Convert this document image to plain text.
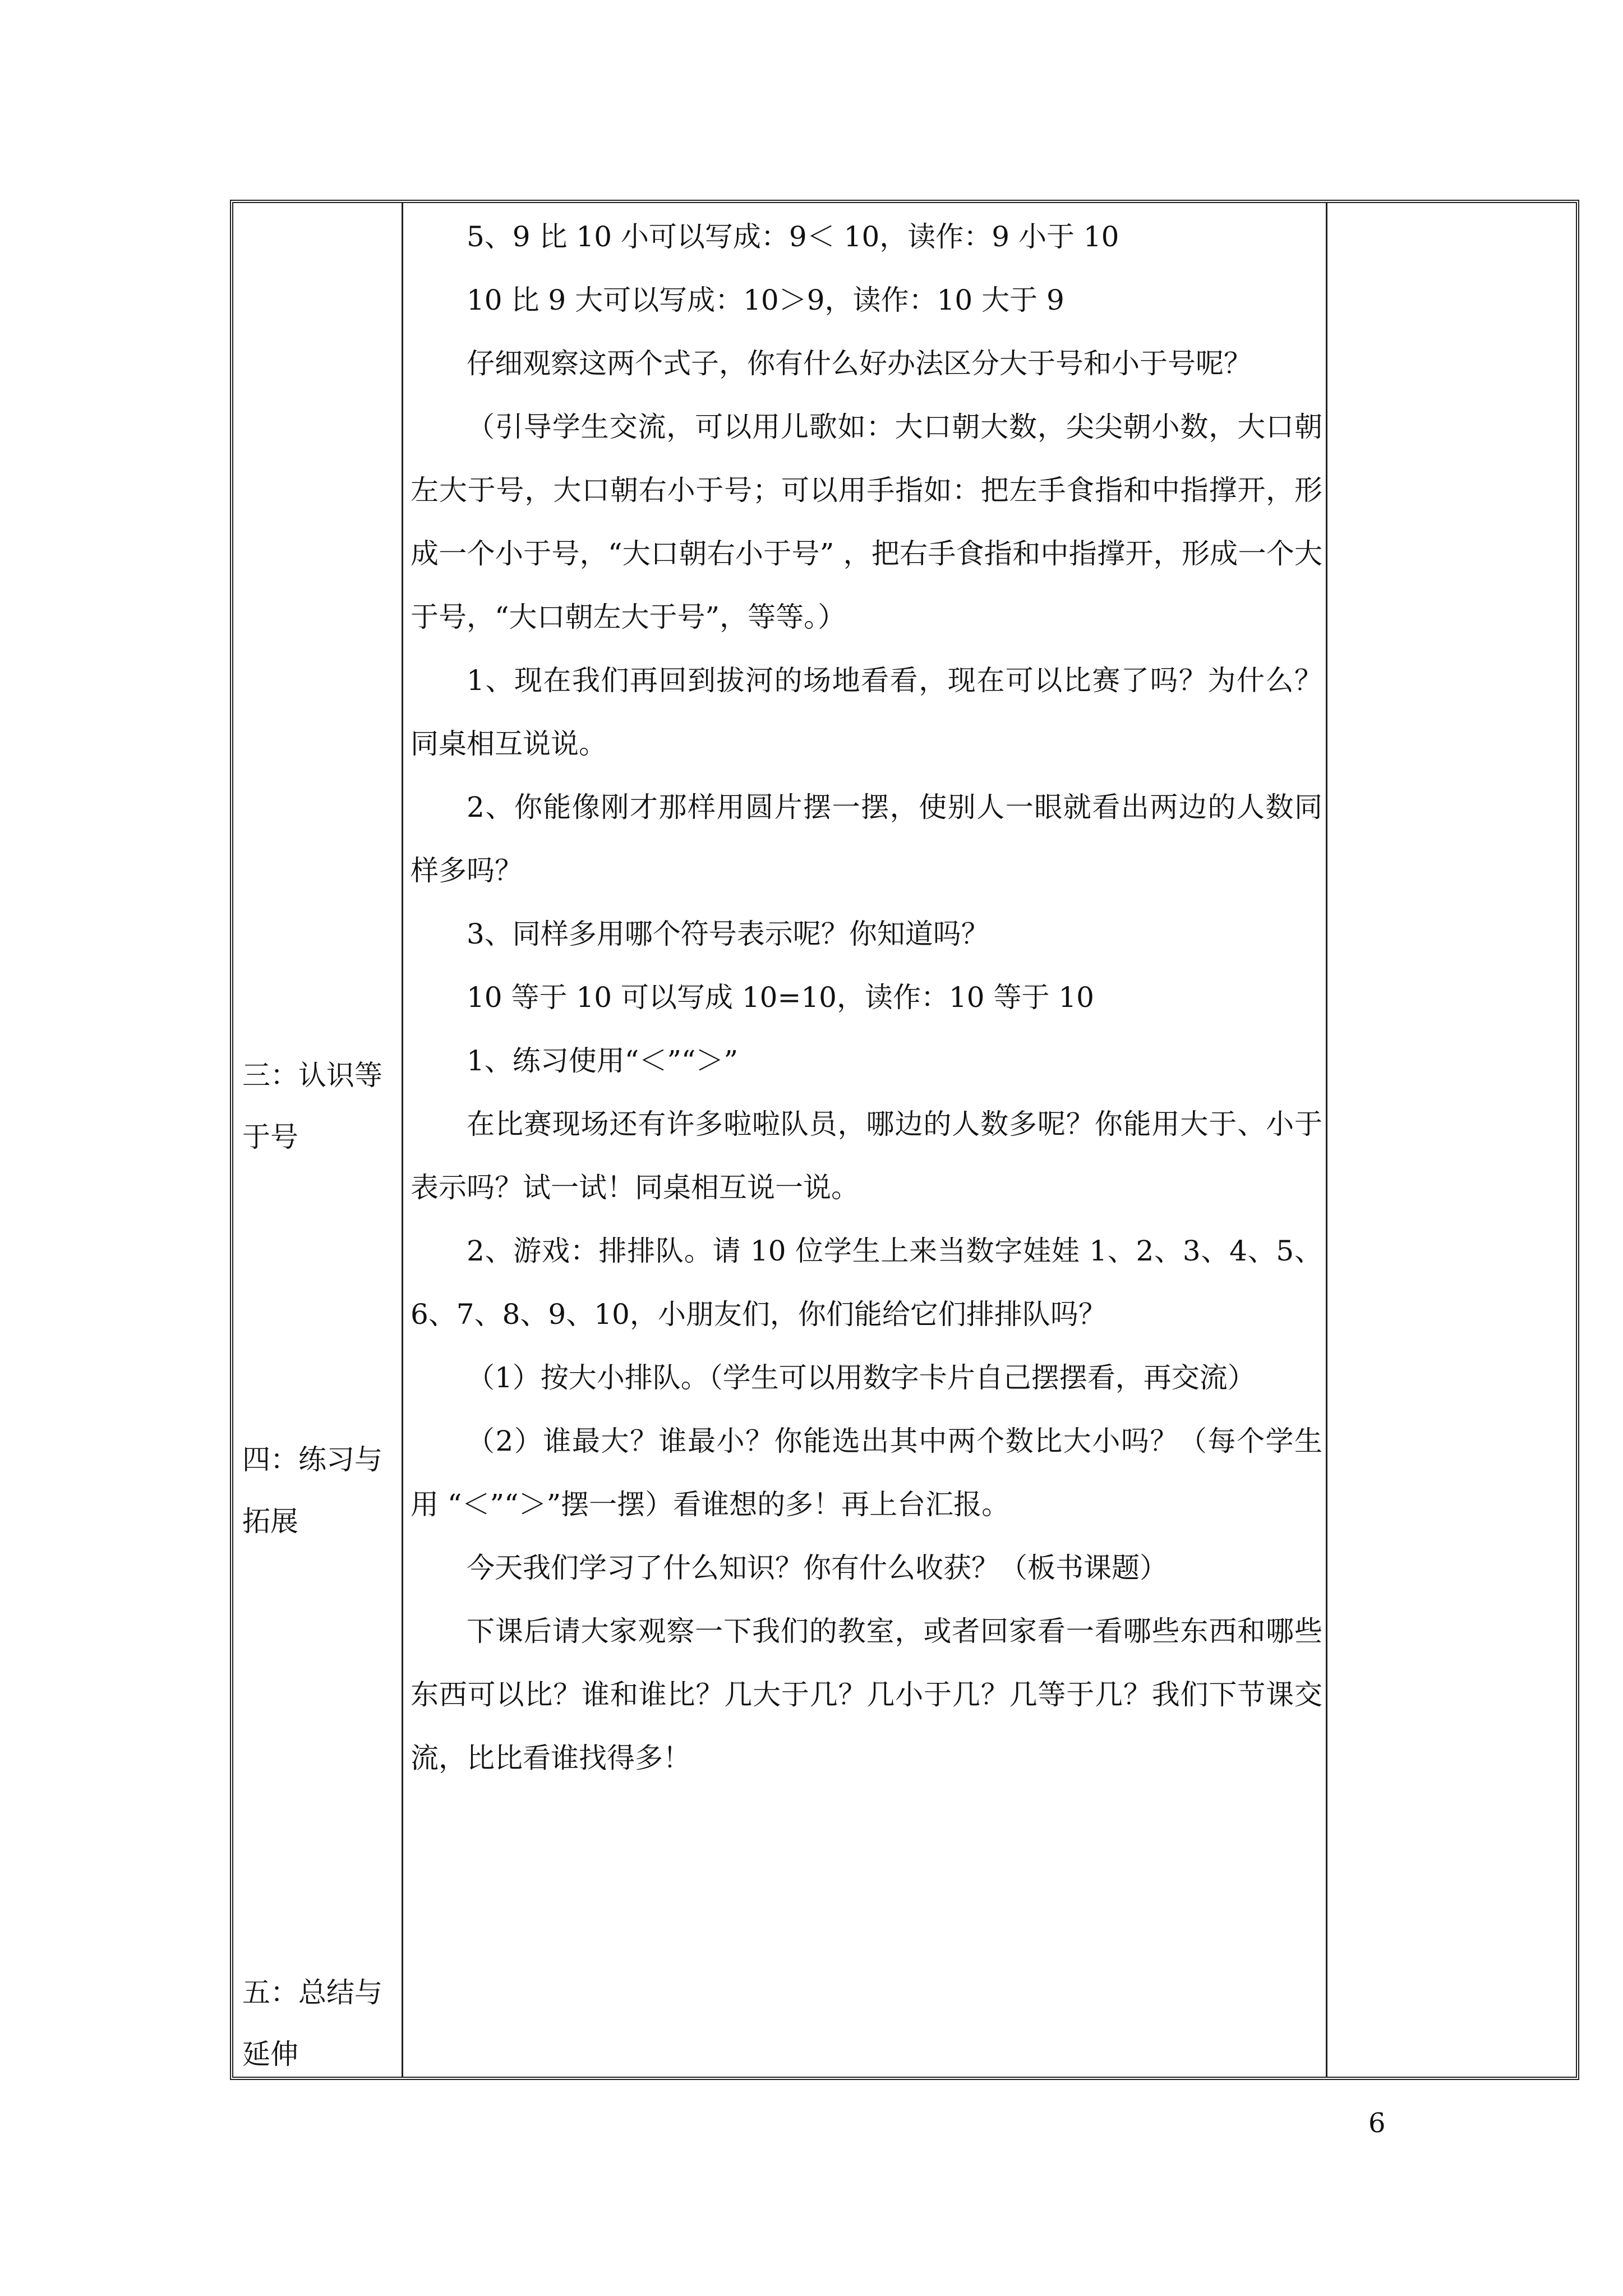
三：认识等
于号
四：练习与
拓展
五：总结与
延伸

5、9 比 10 小可以写成：9＜ 10，读作：9 小于 10

10 比 9 大可以写成：10＞9，读作：10 大于 9

仔细观察这两个式子，你有什么好办法区分大于号和小于号呢？

（引导学生交流，可以用儿歌如：大口朝大数，尖尖朝小数，大口朝左大于号，大口朝右小于号；可以用手指如：把左手食指和中指撑开，形成一个小于号，“大口朝右小于号” ，把右手食指和中指撑开，形成一个大于号，“大口朝左大于号”，等等。）

1、现在我们再回到拔河的场地看看，现在可以比赛了吗？为什么？同桌相互说说。

2、你能像刚才那样用圆片摆一摆，使别人一眼就看出两边的人数同样多吗？

3、同样多用哪个符号表示呢？你知道吗？

10 等于 10 可以写成 10=10，读作：10 等于 10

1、练习使用“＜”“＞”

在比赛现场还有许多啦啦队员，哪边的人数多呢？你能用大于、小于表示吗？试一试！同桌相互说一说。

2、游戏：排排队。请 10 位学生上来当数字娃娃 1、2、3、4、5、6、7、8、9、10，小朋友们，你们能给它们排排队吗？

（1）按大小排队。（学生可以用数字卡片自己摆摆看，再交流）

（2）谁最大？谁最小？你能选出其中两个数比大小吗？（每个学生用 “＜”“＞”摆一摆）看谁想的多！再上台汇报。

今天我们学习了什么知识？你有什么收获？（板书课题）

下课后请大家观察一下我们的教室，或者回家看一看哪些东西和哪些东西可以比？谁和谁比？几大于几？几小于几？几等于几？我们下节课交流，比比看谁找得多！

6
